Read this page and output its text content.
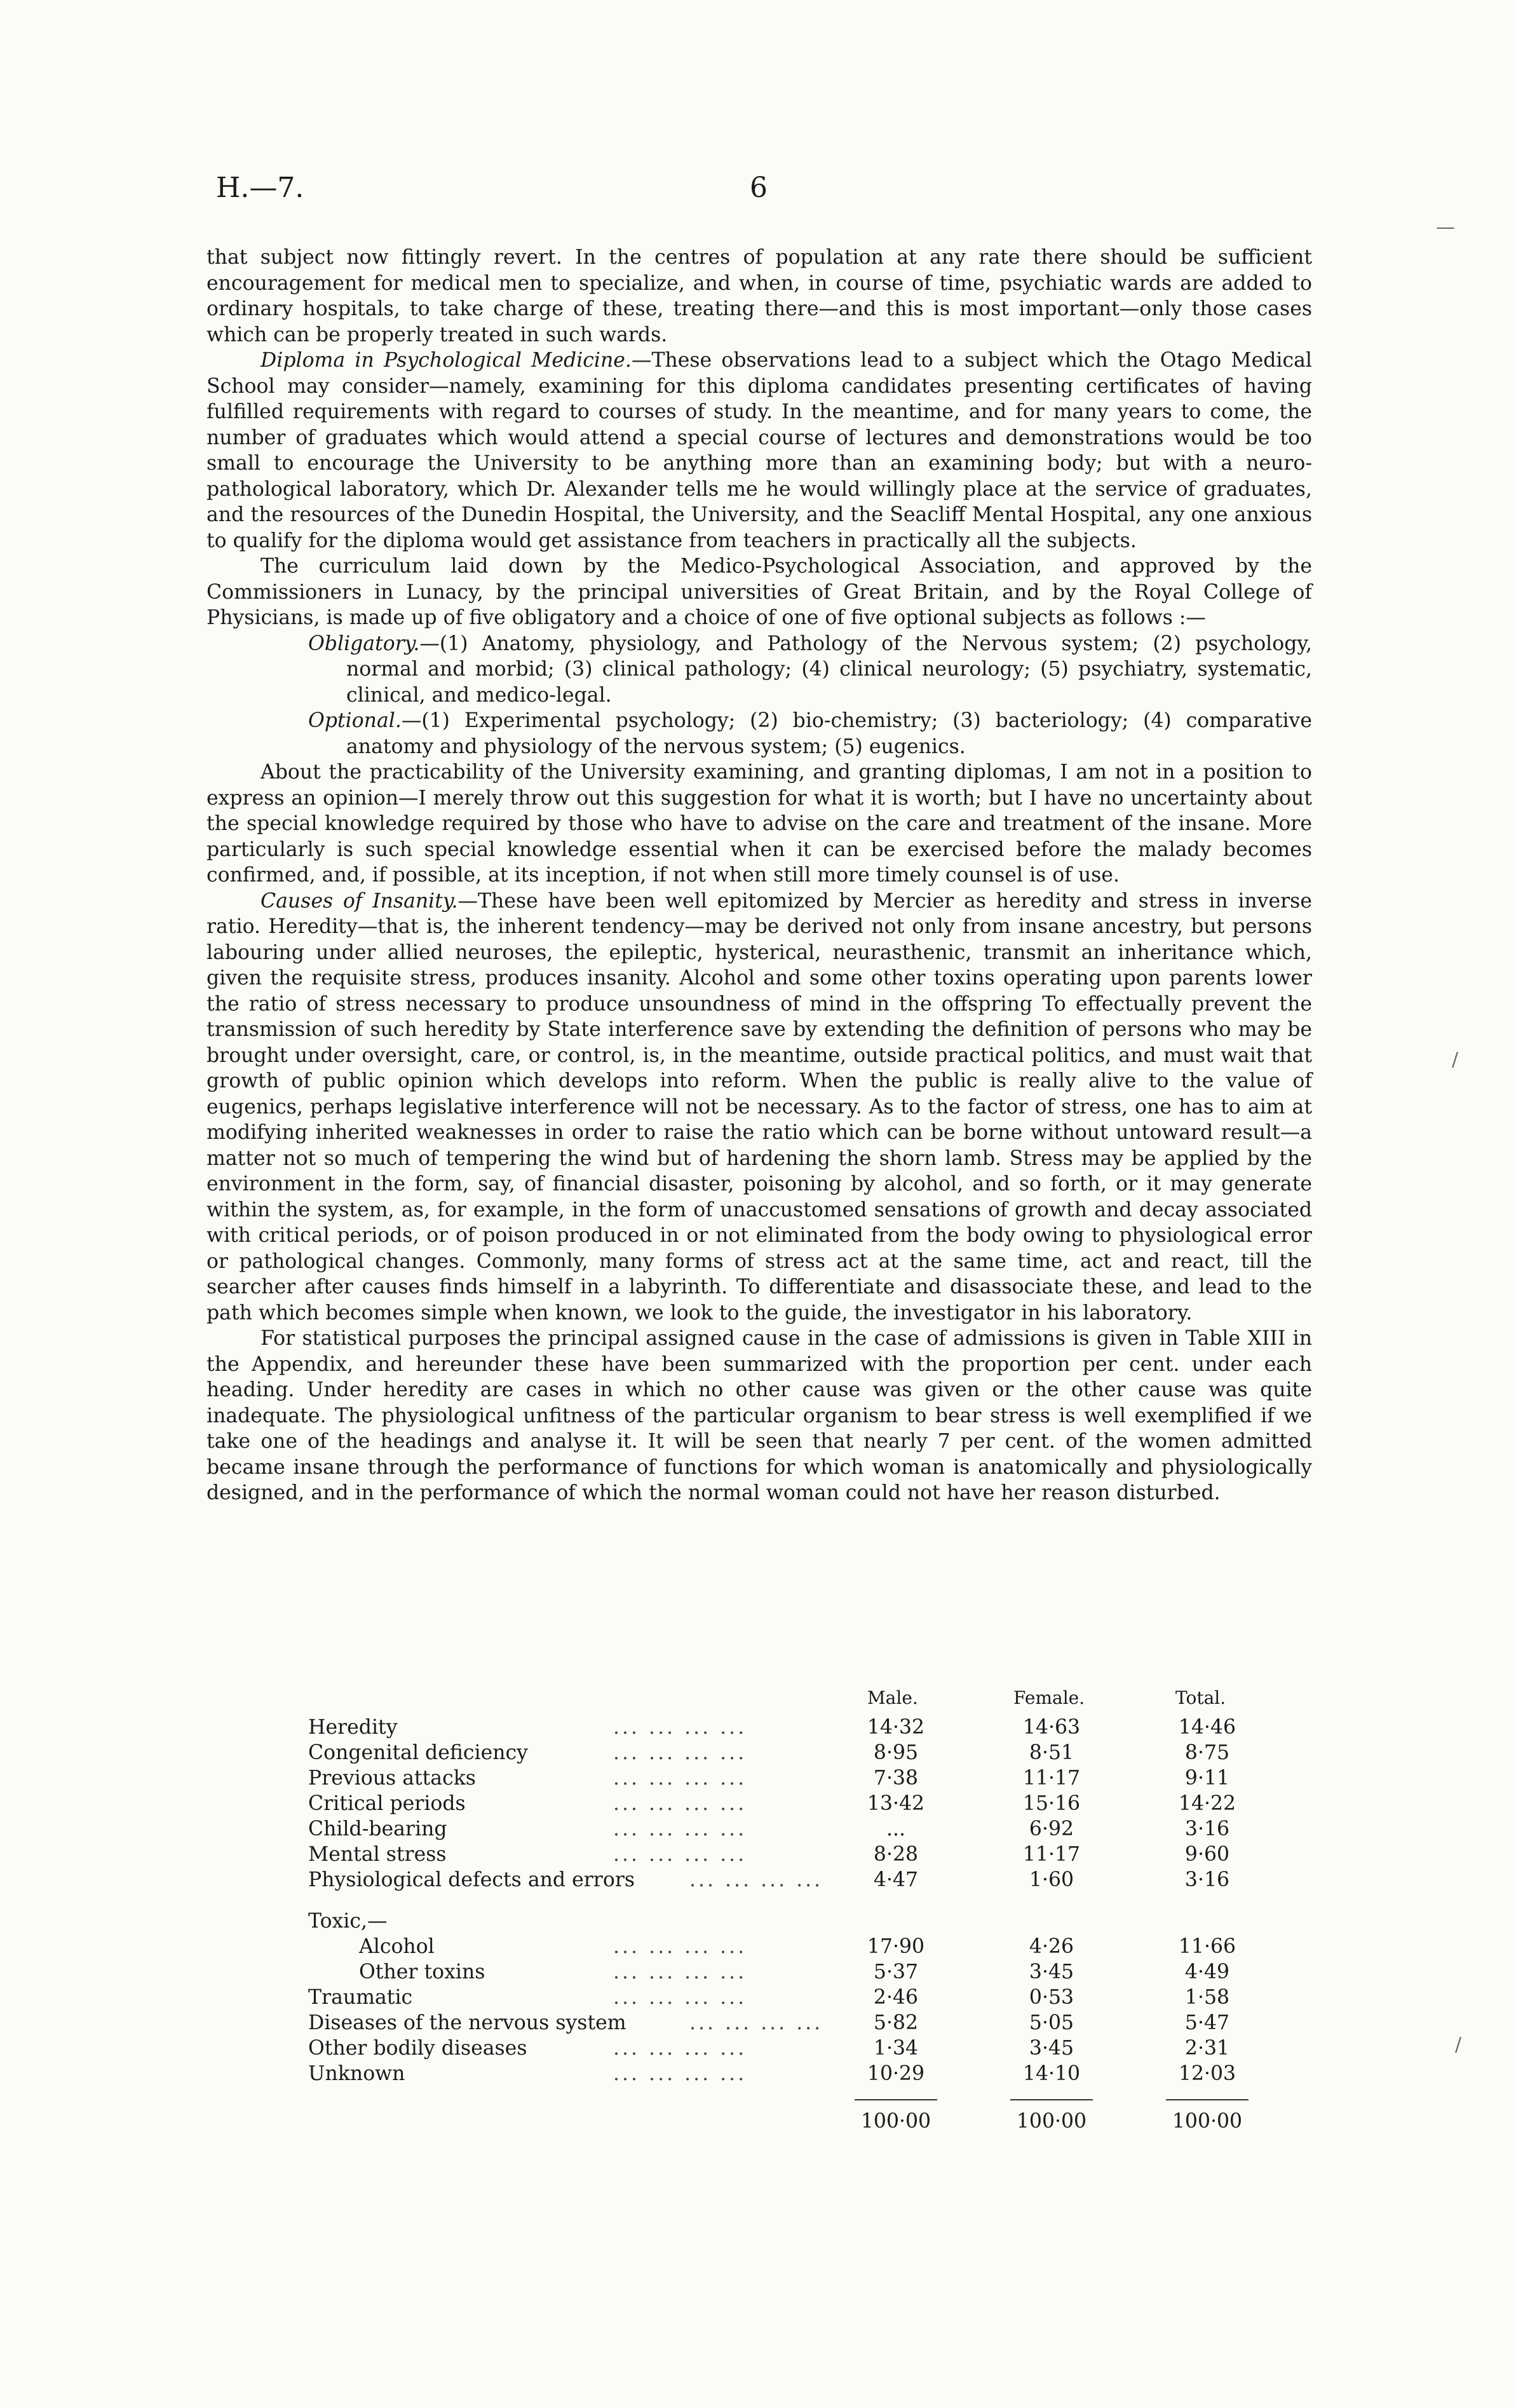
H.—7.	6
—

that subject now fittingly revert. In the centres of population at any rate there should be sufficient encouragement for medical men to specialize, and when, in course of time, psychiatic wards are added to ordinary hospitals, to take charge of these, treating there—and this is most important—only those cases which can be properly treated in such wards.

Diploma in Psychological Medicine.—These observations lead to a subject which the Otago Medical School may consider—namely, examining for this diploma candidates presenting certificates of having fulfilled requirements with regard to courses of study. In the meantime, and for many years to come, the number of graduates which would attend a special course of lectures and demonstrations would be too small to encourage the University to be anything more than an examining body; but with a neuro-pathological laboratory, which Dr. Alexander tells me he would willingly place at the service of graduates, and the resources of the Dunedin Hospital, the University, and the Seacliff Mental Hospital, any one anxious to qualify for the diploma would get assistance from teachers in practically all the subjects.

The curriculum laid down by the Medico-Psychological Association, and approved by the Commissioners in Lunacy, by the principal universities of Great Britain, and by the Royal College of Physicians, is made up of five obligatory and a choice of one of five optional subjects as follows :—

Obligatory.—(1) Anatomy, physiology, and Pathology of the Nervous system; (2) psychology, normal and morbid; (3) clinical pathology; (4) clinical neurology; (5) psychiatry, systematic, clinical, and medico-legal.

Optional.—(1) Experimental psychology; (2) bio-chemistry; (3) bacteriology; (4) comparative anatomy and physiology of the nervous system; (5) eugenics.

About the practicability of the University examining, and granting diplomas, I am not in a position to express an opinion—I merely throw out this suggestion for what it is worth; but I have no uncertainty about the special knowledge required by those who have to advise on the care and treatment of the insane. More particularly is such special knowledge essential when it can be exercised before the malady becomes confirmed, and, if possible, at its inception, if not when still more timely counsel is of use.

Causes of Insanity.—These have been well epitomized by Mercier as heredity and stress in inverse ratio. Heredity—that is, the inherent tendency—may be derived not only from insane ancestry, but persons labouring under allied neuroses, the epileptic, hysterical, neurasthenic, transmit an inheritance which, given the requisite stress, produces insanity. Alcohol and some other toxins operating upon parents lower the ratio of stress necessary to produce unsoundness of mind in the offspring To effectually prevent the transmission of such heredity by State interference save by extending the definition of persons who may be brought under oversight, care, or control, is, in the meantime, outside practical politics, and must wait that growth of public opinion which develops into reform. When the public is really alive to the value of eugenics, perhaps legislative interference will not be necessary. As to the factor of stress, one has to aim at modifying inherited weaknesses in order to raise the ratio which can be borne without untoward result—a matter not so much of tempering the wind but of hardening the shorn lamb. Stress may be applied by the environment in the form, say, of financial disaster, poisoning by alcohol, and so forth, or it may generate within the system, as, for example, in the form of unaccustomed sensations of growth and decay associated with critical periods, or of poison produced in or not eliminated from the body owing to physiological error or pathological changes. Commonly, many forms of stress act at the same time, act and react, till the searcher after causes finds himself in a labyrinth. To differentiate and disassociate these, and lead to the path which becomes simple when known, we look to the guide, the investigator in his laboratory.

For statistical purposes the principal assigned cause in the case of admissions is given in Table XIII in the Appendix, and hereunder these have been summarized with the proportion per cent. under each heading. Under heredity are cases in which no other cause was given or the other cause was quite inadequate. The physiological unfitness of the particular organism to bear stress is well exemplified if we take one of the headings and analyse it. It will be seen that nearly 7 per cent. of the women admitted became insane through the performance of functions for which woman is anatomically and physiologically designed, and in the performance of which the normal woman could not have her reason disturbed.

Male.	Female.	Total.
Heredity	... ... ... ...	14·32	14·63	14·46
Congenital deficiency	... ... ... ...	8·95	8·51	8·75
Previous attacks	... ... ... ...	7·38	11·17	9·11
Critical periods	... ... ... ...	13·42	15·16	14·22
Child-bearing	... ... ... ...	...	6·92	3·16
Mental stress	... ... ... ...	8·28	11·17	9·60
Physiological defects and errors	... ... ... ...	4·47	1·60	3·16
Toxic,—
Alcohol	... ... ... ...	17·90	4·26	11·66
Other toxins	... ... ... ...	5·37	3·45	4·49
Traumatic	... ... ... ...	2·46	0·53	1·58
Diseases of the nervous system	... ... ... ...	5·82	5·05	5·47
Other bodily diseases	... ... ... ...	1·34	3·45	2·31
Unknown	... ... ... ...	10·29	14·10	12·03
100·00	100·00	100·00
/
/
